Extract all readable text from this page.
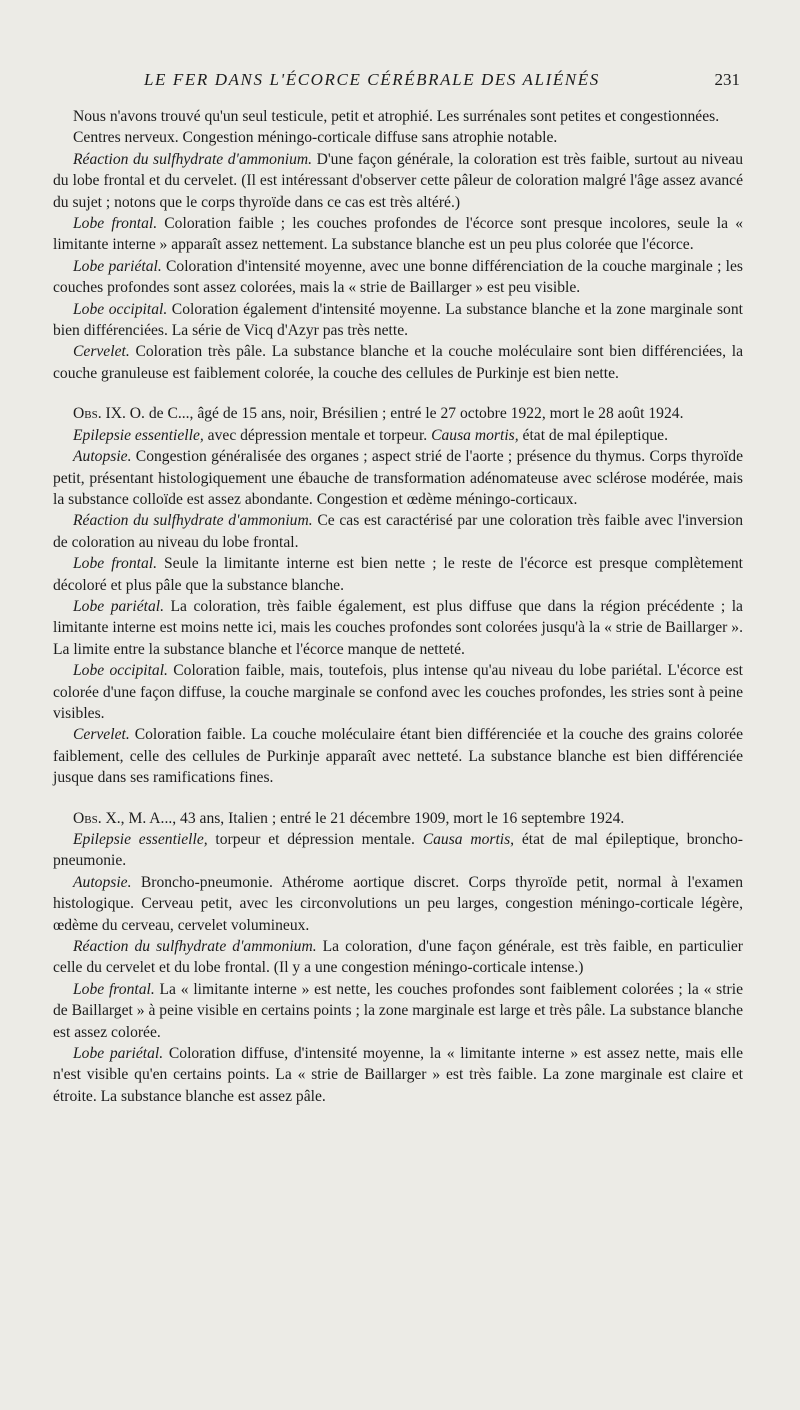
LE FER DANS L'ÉCORCE CÉRÉBRALE DES ALIÉNÉS	231

Nous n'avons trouvé qu'un seul testicule, petit et atrophié. Les surrénales sont petites et congestionnées.

Centres nerveux. Congestion méningo-corticale diffuse sans atrophie notable.

Réaction du sulfhydrate d'ammonium. D'une façon générale, la coloration est très faible, surtout au niveau du lobe frontal et du cervelet. (Il est intéressant d'observer cette pâleur de coloration malgré l'âge assez avancé du sujet ; notons que le corps thyroïde dans ce cas est très altéré.)

Lobe frontal. Coloration faible ; les couches profondes de l'écorce sont presque incolores, seule la « limitante interne » apparaît assez nettement. La substance blanche est un peu plus colorée que l'écorce.

Lobe pariétal. Coloration d'intensité moyenne, avec une bonne différenciation de la couche marginale ; les couches profondes sont assez colorées, mais la « strie de Baillarger » est peu visible.

Lobe occipital. Coloration également d'intensité moyenne. La substance blanche et la zone marginale sont bien différenciées. La série de Vicq d'Azyr pas très nette.

Cervelet. Coloration très pâle. La substance blanche et la couche moléculaire sont bien différenciées, la couche granuleuse est faiblement colorée, la couche des cellules de Purkinje est bien nette.

Obs. IX. O. de C..., âgé de 15 ans, noir, Brésilien ; entré le 27 octobre 1922, mort le 28 août 1924.

Epilepsie essentielle, avec dépression mentale et torpeur. Causa mortis, état de mal épileptique.

Autopsie. Congestion généralisée des organes ; aspect strié de l'aorte ; présence du thymus. Corps thyroïde petit, présentant histologiquement une ébauche de transformation adénomateuse avec sclérose modérée, mais la substance colloïde est assez abondante. Congestion et œdème méningo-corticaux.

Réaction du sulfhydrate d'ammonium. Ce cas est caractérisé par une coloration très faible avec l'inversion de coloration au niveau du lobe frontal.

Lobe frontal. Seule la limitante interne est bien nette ; le reste de l'écorce est presque complètement décoloré et plus pâle que la substance blanche.

Lobe pariétal. La coloration, très faible également, est plus diffuse que dans la région précédente ; la limitante interne est moins nette ici, mais les couches profondes sont colorées jusqu'à la « strie de Baillarger ». La limite entre la substance blanche et l'écorce manque de netteté.

Lobe occipital. Coloration faible, mais, toutefois, plus intense qu'au niveau du lobe pariétal. L'écorce est colorée d'une façon diffuse, la couche marginale se confond avec les couches profondes, les stries sont à peine visibles.

Cervelet. Coloration faible. La couche moléculaire étant bien différenciée et la couche des grains colorée faiblement, celle des cellules de Purkinje apparaît avec netteté. La substance blanche est bien différenciée jusque dans ses ramifications fines.

Obs. X., M. A..., 43 ans, Italien ; entré le 21 décembre 1909, mort le 16 septembre 1924.

Epilepsie essentielle, torpeur et dépression mentale. Causa mortis, état de mal épileptique, broncho-pneumonie.

Autopsie. Broncho-pneumonie. Athérome aortique discret. Corps thyroïde petit, normal à l'examen histologique. Cerveau petit, avec les circonvolutions un peu larges, congestion méningo-corticale légère, œdème du cerveau, cervelet volumineux.

Réaction du sulfhydrate d'ammonium. La coloration, d'une façon générale, est très faible, en particulier celle du cervelet et du lobe frontal. (Il y a une congestion méningo-corticale intense.)

Lobe frontal. La « limitante interne » est nette, les couches profondes sont faiblement colorées ; la « strie de Baillarget » à peine visible en certains points ; la zone marginale est large et très pâle. La substance blanche est assez colorée.

Lobe pariétal. Coloration diffuse, d'intensité moyenne, la « limitante interne » est assez nette, mais elle n'est visible qu'en certains points. La « strie de Baillarger » est très faible. La zone marginale est claire et étroite. La substance blanche est assez pâle.
